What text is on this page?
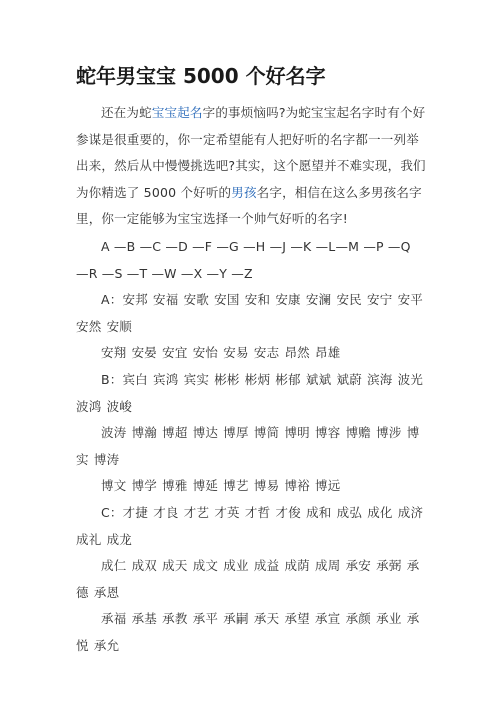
蛇年男宝宝 5000 个好名字

还在为蛇宝宝起名字的事烦恼吗?为蛇宝宝起名字时有个好参谋是很重要的，你一定希望能有人把好听的名字都一一列举出来，然后从中慢慢挑选吧?其实，这个愿望并不难实现，我们为你精选了 5000 个好听的男孩名字，相信在这么多男孩名字里，你一定能够为宝宝选择一个帅气好听的名字!

A —B —C —D —F —G —H —J —K —L—M —P —Q —R —S —T —W —X —Y —Z

A：安邦 安福 安歌 安国 安和 安康 安澜 安民 安宁 安平 安然 安顺

安翔 安晏 安宜 安怡 安易 安志 昂然 昂雄

B：宾白 宾鸿 宾实 彬彬 彬炳 彬郁 斌斌 斌蔚 滨海 波光 波鸿 波峻

波涛 博瀚 博超 博达 博厚 博简 博明 博容 博赡 博涉 博实 博涛

博文 博学 博雅 博延 博艺 博易 博裕 博远

C：才捷 才良 才艺 才英 才哲 才俊 成和 成弘 成化 成济 成礼 成龙

成仁 成双 成天 成文 成业 成益 成荫 成周 承安 承弼 承德 承恩

承福 承基 承教 承平 承嗣 承天 承望 承宣 承颜 承业 承悦 承允
